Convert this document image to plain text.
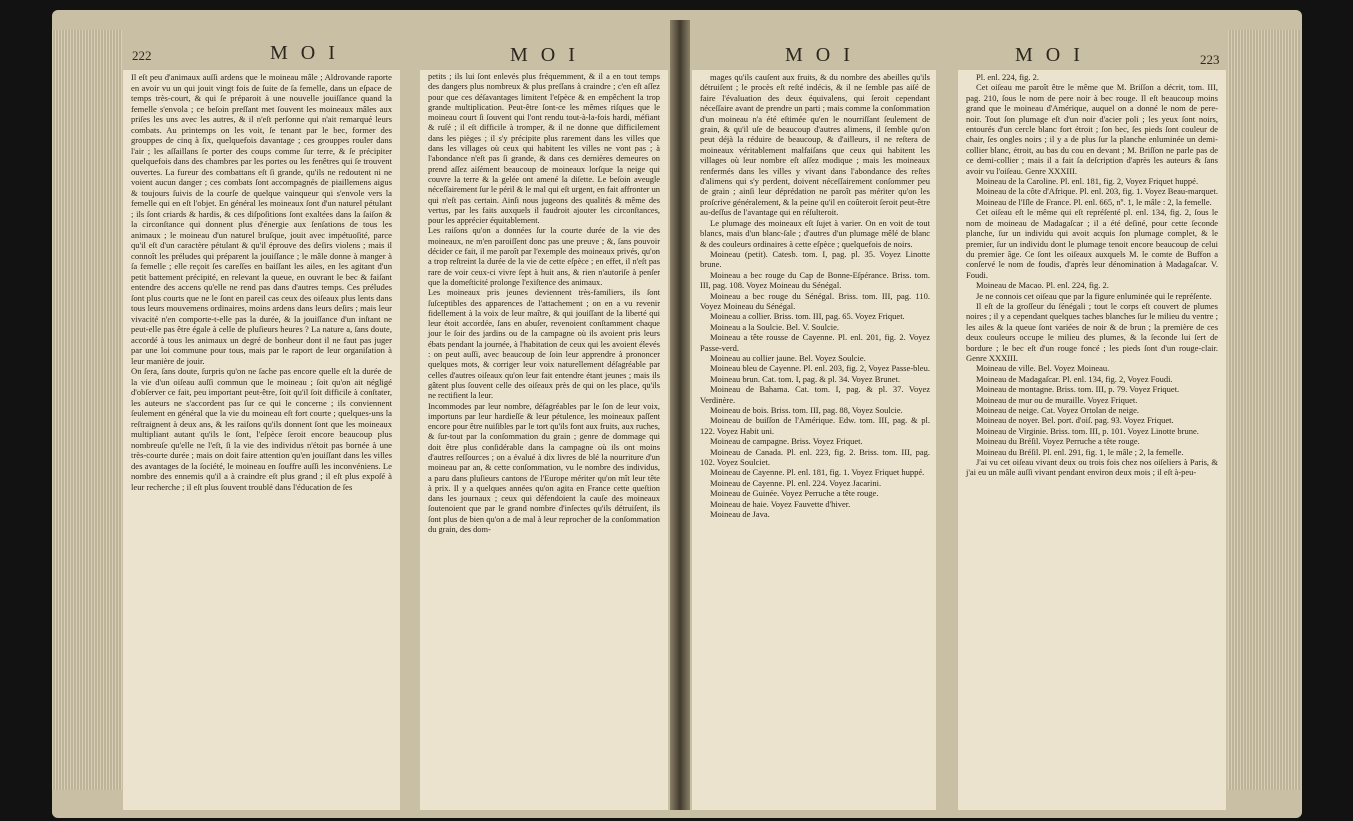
222	M O I	M O I	M O I	M O I	223

Il eſt peu d'animaux auſſi ardens que le moineau mâle ; Aldrovande raporte en avoir vu un qui jouit vingt fois de ſuite de ſa femelle, dans un eſpace de temps très-court, & qui ſe préparoit à une nouvelle jouiſſance quand la femelle s'envola ; ce beſoin preſſant met ſouvent les moineaux mâles aux priſes les uns avec les autres, & il n'eſt perſonne qui n'ait remarqué leurs combats. Au printemps on les voit, ſe tenant par le bec, former des grouppes de cinq à ſix, quelquefois davantage ; ces grouppes rouler dans l'air ; les aſſaillans ſe porter des coups comme ſur terre, & ſe précipiter quelquefois dans des chambres par les portes ou les fenêtres qui ſe trouvent ouvertes. La fureur des combattans eſt ſi grande, qu'ils ne redoutent ni ne voient aucun danger ; ces combats ſont accompagnés de piaillemens aigus & toujours ſuivis de la courſe de quelque vainqueur qui s'envole vers la femelle qui en eſt l'objet. En général les moineaux ſont d'un naturel pétulant ; ils ſont criards & hardis, & ces diſpoſitions ſont exaltées dans la ſaiſon & la circonſtance qui donnent plus d'énergie aux ſenſations de tous les animaux ; le moineau d'un naturel bruſque, jouit avec impétuoſité, parce qu'il eſt d'un caractère pétulant & qu'il éprouve des deſirs violens ; mais il connoît les préludes qui préparent la jouiſſance ; le mâle donne à manger à ſa femelle ; elle reçoit ſes careſſes en baiſſant les ailes, en les agitant d'un petit battement précipité, en relevant la queue, en ouvrant le bec & faiſant entendre des accens qu'elle ne rend pas dans d'autres temps. Ces préludes ſont plus courts que ne le ſont en pareil cas ceux des oiſeaux plus lents dans tous leurs mouvemens ordinaires, moins ardens dans leurs deſirs ; mais leur vivacité n'en comporte-t-elle pas la durée, & la jouiſſance d'un inſtant ne peut-elle pas être égale à celle de pluſieurs heures ? La nature a, ſans doute, accordé à tous les animaux un degré de bonheur dont il ne faut pas juger par une loi commune pour tous, mais par le raport de leur organiſation à leur manière de jouir.

On ſera, ſans doute, ſurpris qu'on ne ſache pas encore quelle eſt la durée de la vie d'un oiſeau auſſi commun que le moineau ; ſoit qu'on ait négligé d'obſerver ce fait, peu important peut-être, ſoit qu'il ſoit difficile à conſtater, les auteurs ne s'accordent pas ſur ce qui le concerne ; ils conviennent ſeulement en général que la vie du moineau eſt fort courte ; quelques-uns la reſtraignent à deux ans, & les raiſons qu'ils donnent ſont que les moineaux multipliant autant qu'ils le ſont, l'eſpèce ſeroit encore beaucoup plus nombreuſe qu'elle ne l'eſt, ſi la vie des individus n'étoit pas bornée à une très-courte durée ; mais on doit faire attention qu'en jouiſſant dans les villes des avantages de la ſociété, le moineau en ſouffre auſſi les inconvéniens. Le nombre des ennemis qu'il a à craindre eſt plus grand ; il eſt plus expoſé à leur recherche ; il eſt plus ſouvent troublé dans l'éducation de ſes

petits ; ils lui ſont enlevés plus fréquemment, & il a en tout temps des dangers plus nombreux & plus preſſans à craindre ; c'en eſt aſſez pour que ces déſavantages limitent l'eſpèce & en empêchent la trop grande multiplication. Peut-être ſont-ce les mêmes riſques que le moineau court ſi ſouvent qui l'ont rendu tout-à-la-fois hardi, méfiant & ruſé ; il eſt difficile à tromper, & il ne donne que difficilement dans les pièges ; il s'y précipite plus rarement dans les villes que dans les villages où ceux qui habitent les villes ne vont pas ; à l'abondance n'eſt pas ſi grande, & dans ces dernières demeures on prend aſſez aiſément beaucoup de moineaux lorſque la neige qui couvre la terre & la gelée ont amené la diſette. Le beſoin aveugle néceſſairement ſur le péril & le mal qui eſt urgent, en fait affronter un qui n'eſt pas certain. Ainſi nous jugeons des qualités & même des vertus, par les faits auxquels il faudroit ajouter les circonſtances, pour les apprécier équitablement.

Les raiſons qu'on a données ſur la courte durée de la vie des moineaux, ne m'en paroiſſent donc pas une preuve ; &, ſans pouvoir décider ce fait, il me paroît par l'exemple des moineaux privés, qu'on a trop reſtreint la durée de la vie de cette eſpèce ; en effet, il n'eſt pas rare de voir ceux-ci vivre ſept à huit ans, & rien n'autoriſe à penſer que la domeſticité prolonge l'exiſtence des animaux.

Les moineaux pris jeunes deviennent très-familiers, ils ſont ſuſceptibles des apparences de l'attachement ; on en a vu revenir fidellement à la voix de leur maître, & qui jouiſſant de la liberté qui leur étoit accordée, ſans en abuſer, revenoient conſtamment chaque jour le ſoir des jardins ou de la campagne où ils avoient pris leurs ébats pendant la journée, à l'habitation de ceux qui les avoient élevés : on peut auſſi, avec beaucoup de ſoin leur apprendre à prononcer quelques mots, & corriger leur voix naturellement déſagréable par celles d'autres oiſeaux qu'on leur fait entendre étant jeunes ; mais ils gâtent plus ſouvent celle des oiſeaux près de qui on les place, qu'ils ne rectifient la leur.

Incommodes par leur nombre, déſagréables par le ſon de leur voix, importuns par leur hardieſſe & leur pétulence, les moineaux paſſent encore pour être nuiſibles par le tort qu'ils font aux fruits, aux ruches, & ſur-tout par la conſommation du grain ; genre de dommage qui doit être plus conſidérable dans la campagne où ils ont moins d'autres reſſources ; on a évalué à dix livres de blé la nourriture d'un moineau par an, & cette conſommation, vu le nombre des individus, a paru dans pluſieurs cantons de l'Europe mériter qu'on mît leur tête à prix. Il y a quelques années qu'on agita en France cette queſtion dans les journaux ; ceux qui défendoient la cauſe des moineaux ſoutenoient que par le grand nombre d'inſectes qu'ils détruiſent, ils ſont plus de bien qu'on a de mal à leur reprocher de la conſommation du grain, des dom-

mages qu'ils cauſent aux fruits, & du nombre des abeilles qu'ils détruiſent ; le procès eſt reſté indécis, & il ne ſemble pas aiſé de faire l'évaluation des deux équivalens, qui ſeroit cependant néceſſaire avant de prendre un parti ; mais comme la conſommation d'un moineau n'a été eſtimée qu'en le nourriſſant ſeulement de grain, & qu'il uſe de beaucoup d'autres alimens, il ſemble qu'on peut déjà la réduire de beaucoup, & d'ailleurs, il ne reſtera de moineaux véritablement malfaiſans que ceux qui habitent les villages où leur nombre eſt aſſez modique ; mais les moineaux renfermés dans les villes y vivant dans l'abondance des reſtes d'alimens qui s'y perdent, doivent néceſſairement conſommer peu de grain ; ainſi leur déprédation ne paroît pas mériter qu'on les proſcrive généralement, & la peine qu'il en coûteroit ſeroit peut-être au-deſſus de l'avantage qui en réſulteroit.

Le plumage des moineaux eſt ſujet à varier. On en voit de tout blancs, mais d'un blanc-ſale ; d'autres d'un plumage mêlé de blanc & des couleurs ordinaires à cette eſpèce ; quelquefois de noirs.

Moineau (petit). Catesb. tom. I, pag. pl. 35. Voyez Linotte brune.

Moineau a bec rouge du Cap de Bonne-Eſpérance. Briss. tom. III, pag. 108. Voyez Moineau du Sénégal.

Moineau a bec rouge du Sénégal. Briss. tom. III, pag. 110. Voyez Moineau du Sénégal.

Moineau a collier. Briss. tom. III, pag. 65. Voyez Friquet.

Moineau a la Soulcie. Bel. V. Soulcie.

Moineau a tête rousse de Cayenne. Pl. enl. 201, fig. 2. Voyez Passe-verd.

Moineau au collier jaune. Bel. Voyez Soulcie.

Moineau bleu de Cayenne. Pl. enl. 203, fig. 2, Voyez Passe-bleu.

Moineau brun. Cat. tom. I, pag. & pl. 34. Voyez Brunet.

Moineau de Bahama. Cat. tom. I, pag. & pl. 37. Voyez Verdinère.

Moineau de bois. Briss. tom. III, pag. 88, Voyez Soulcie.

Moineau de buiſſon de l'Amérique. Edw. tom. III, pag. & pl. 122. Voyez Habit uni.

Moineau de campagne. Briss. Voyez Friquet.

Moineau de Canada. Pl. enl. 223, fig. 2. Briss. tom. III, pag. 102. Voyez Soulciet.

Moineau de Cayenne. Pl. enl. 181, fig. 1. Voyez Friquet huppé.

Moineau de Cayenne. Pl. enl. 224. Voyez Jacarini.

Moineau de Guinée. Voyez Perruche a tête rouge.

Moineau de haie. Voyez Fauvette d'hiver.

Moineau de Java.

Pl. enl. 224, fig. 2.

Cet oiſeau me paroît être le même que M. Briſſon a décrit, tom. III, pag. 210, ſous le nom de pere noir à bec rouge. Il eſt beaucoup moins grand que le moineau d'Amérique, auquel on a donné le nom de pere-noir. Tout ſon plumage eſt d'un noir d'acier poli ; les yeux ſont noirs, entourés d'un cercle blanc fort étroit ; ſon bec, ſes pieds ſont couleur de chair, ſes ongles noirs ; il y a de plus ſur la planche enluminée un demi-collier blanc, étroit, au bas du cou en devant ; M. Briſſon ne parle pas de ce demi-collier ; mais il a fait ſa deſcription d'après les auteurs & ſans avoir vu l'oiſeau. Genre XXXIII.

Moineau de la Caroline. Pl. enl. 181, fig. 2, Voyez Friquet huppé.

Moineau de la côte d'Afrique. Pl. enl. 203, fig. 1. Voyez Beau-marquet.

Moineau de l'Iſle de France. Pl. enl. 665, nº. 1, le mâle : 2, la femelle.

Cet oiſeau eſt le même qui eſt repréſenté pl. enl. 134, fig. 2, ſous le nom de moineau de Madagaſcar ; il a été deſiné, pour cette ſeconde planche, ſur un individu qui avoit acquis ſon plumage complet, & le premier, ſur un individu dont le plumage tenoit encore beaucoup de celui du premier âge. Ce ſont les oiſeaux auxquels M. le comte de Buffon a conſervé le nom de foudis, d'après leur dénomination à Madagaſcar. V. Foudi.

Moineau de Macao. Pl. enl. 224, fig. 2.

Je ne connois cet oiſeau que par la figure enluminée qui le repréſente.

Il eſt de la groſſeur du ſénégali ; tout le corps eſt couvert de plumes noires ; il y a cependant quelques taches blanches ſur le milieu du ventre ; les ailes & la queue ſont variées de noir & de brun ; la première de ces deux couleurs occupe le milieu des plumes, & la ſeconde lui ſert de bordure ; le bec eſt d'un rouge foncé ; les pieds ſont d'un rouge-clair. Genre XXXIII.

Moineau de ville. Bel. Voyez Moineau.

Moineau de Madagaſcar. Pl. enl. 134, fig. 2, Voyez Foudi.

Moineau de montagne. Briss. tom. III, p. 79. Voyez Friquet.

Moineau de mur ou de muraille. Voyez Friquet.

Moineau de neige. Cat. Voyez Ortolan de neige.

Moineau de noyer. Bel. port. d'oiſ. pag. 93. Voyez Friquet.

Moineau de Virginie. Briss. tom. III, p. 101. Voyez Linotte brune.

Moineau du Bréſil. Voyez Perruche a tête rouge.

Moineau du Bréſil. Pl. enl. 291, fig. 1, le mâle ; 2, la femelle.

J'ai vu cet oiſeau vivant deux ou trois fois chez nos oiſeliers à Paris, & j'ai eu un mâle auſſi vivant pendant environ deux mois ; il eſt à-peu-
